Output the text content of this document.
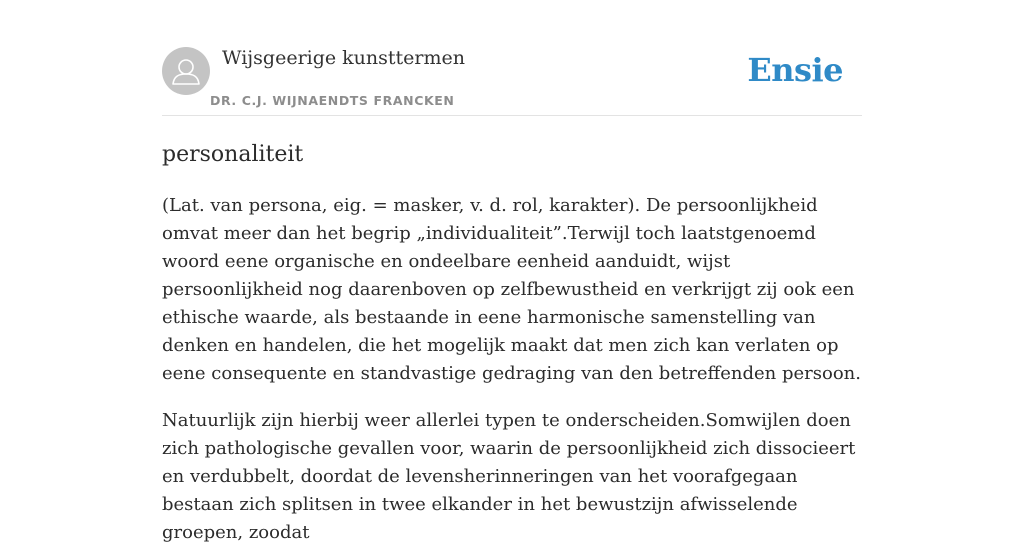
Wijsgeerige kunsttermen
DR. C.J. WIJNAENDTS FRANCKEN
Ensie
personaliteit

(Lat. van persona, eig. = masker, v. d. rol, karakter). De persoonlijkheid omvat meer dan het begrip „individualiteit”.Terwijl toch laatstgenoemd woord eene organische en ondeelbare eenheid aanduidt, wijst persoonlijkheid nog daarenboven op zelfbewustheid en verkrijgt zij ook een ethische waarde, als bestaande in eene harmonische samenstelling van denken en handelen, die het mogelijk maakt dat men zich kan verlaten op eene consequente en standvastige gedraging van den betreffenden persoon.

Natuurlijk zijn hierbij weer allerlei typen te onderscheiden.Somwijlen doen zich pathologische gevallen voor, waarin de persoonlijkheid zich dissocieert en verdubbelt, doordat de levensherinneringen van het voorafgegaan bestaan zich splitsen in twee elkander in het bewustzijn afwisselende groepen, zoodat
